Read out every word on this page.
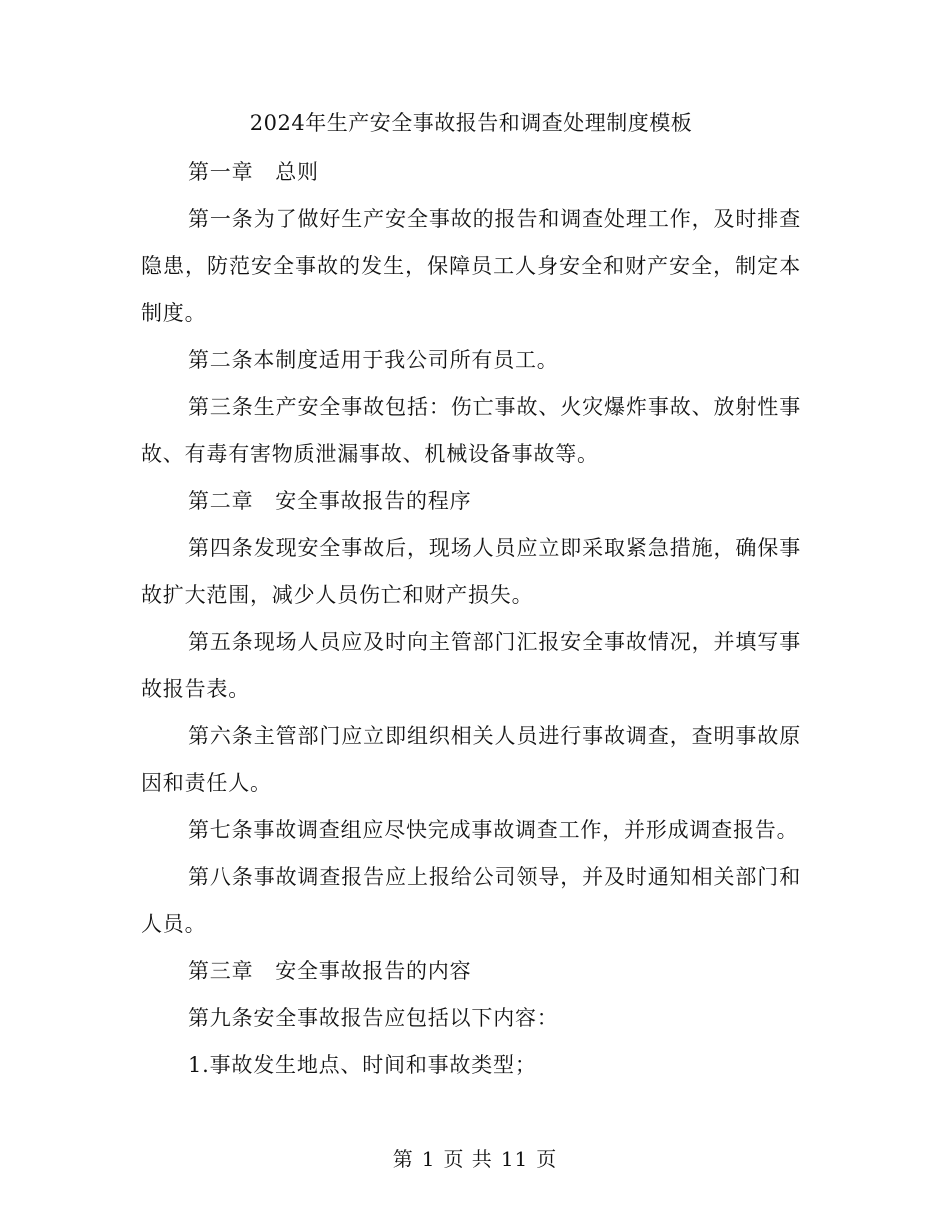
2024年生产安全事故报告和调查处理制度模板

第一章　总则

第一条为了做好生产安全事故的报告和调查处理工作，及时排查隐患，防范安全事故的发生，保障员工人身安全和财产安全，制定本制度。

第二条本制度适用于我公司所有员工。

第三条生产安全事故包括：伤亡事故、火灾爆炸事故、放射性事故、有毒有害物质泄漏事故、机械设备事故等。

第二章　安全事故报告的程序

第四条发现安全事故后，现场人员应立即采取紧急措施，确保事故扩大范围，减少人员伤亡和财产损失。

第五条现场人员应及时向主管部门汇报安全事故情况，并填写事故报告表。

第六条主管部门应立即组织相关人员进行事故调查，查明事故原因和责任人。

第七条事故调查组应尽快完成事故调查工作，并形成调查报告。

第八条事故调查报告应上报给公司领导，并及时通知相关部门和人员。

第三章　安全事故报告的内容

第九条安全事故报告应包括以下内容：

1.事故发生地点、时间和事故类型；

第 1 页 共 11 页
